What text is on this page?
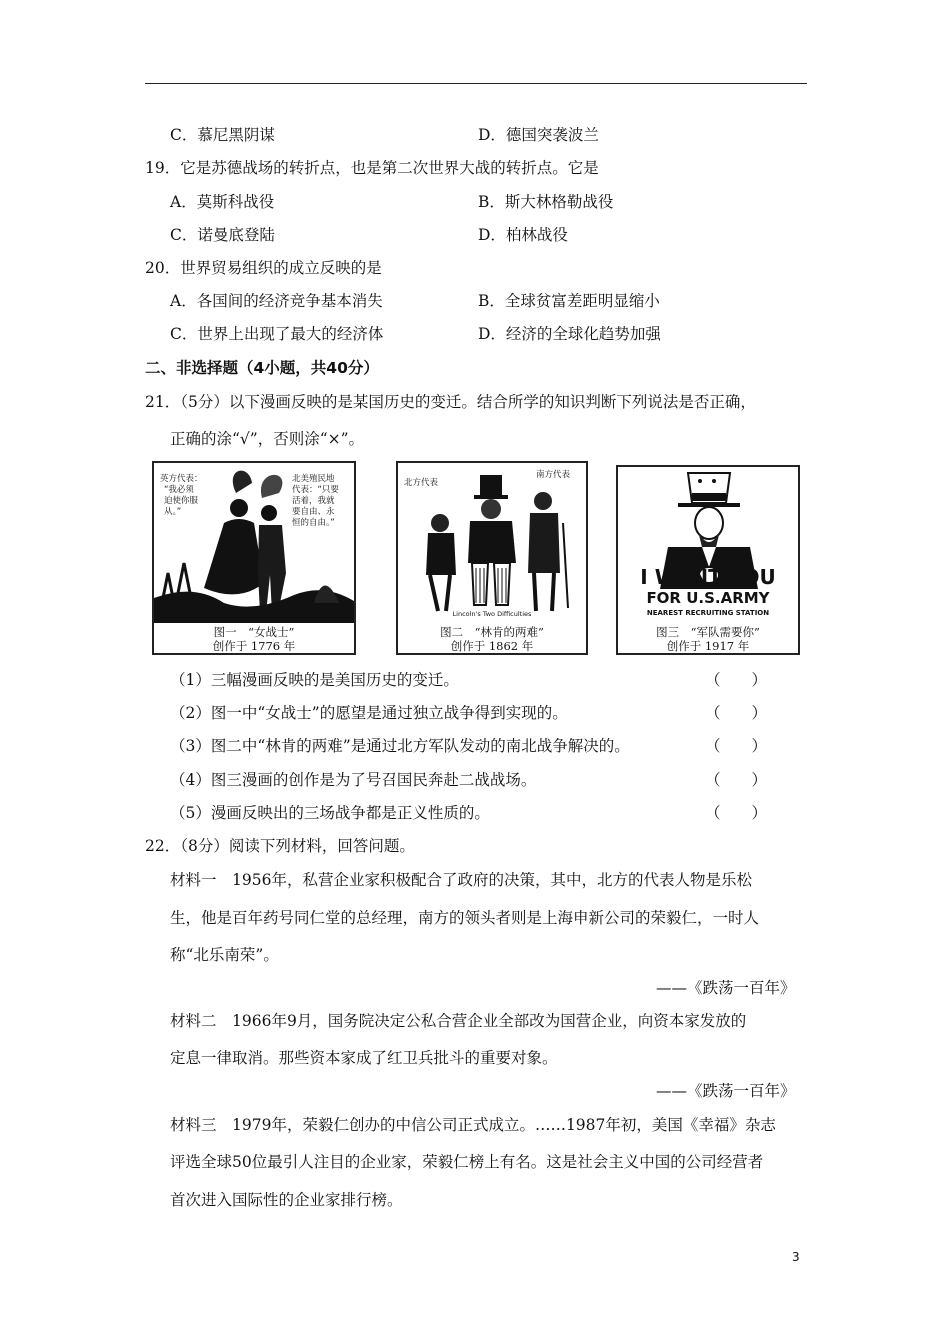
C．慕尼黑阴谋	D．德国突袭波兰
19．它是苏德战场的转折点，也是第二次世界大战的转折点。它是
A．莫斯科战役	B．斯大林格勒战役
C．诺曼底登陆	D．柏林战役
20．世界贸易组织的成立反映的是
A．各国间的经济竞争基本消失	B．全球贫富差距明显缩小
C．世界上出现了最大的经济体	D．经济的全球化趋势加强
二、非选择题（4小题，共40分）
21．（5分）以下漫画反映的是某国历史的变迁。结合所学的知识判断下列说法是否正确，
正确的涂“√”，否则涂“×”。
英方代表：
“我必须
迫使你服
从。”
北美殖民地
代表：“只要
活着，我就
要自由、永
恒的自由。”
图一　“女战士”
创作于 1776 年
北方代表
南方代表
Lincoln's Two Difficulties
图二　“林肯的两难”
创作于 1862 年
I WANT YOU
FOR U.S.ARMY
NEAREST RECRUITING STATION
图三　“军队需要你”
创作于 1917 年
（1）三幅漫画反映的是美国历史的变迁。	（　　）
（2）图一中“女战士”的愿望是通过独立战争得到实现的。	（　　）
（3）图二中“林肯的两难”是通过北方军队发动的南北战争解决的。	（　　）
（4）图三漫画的创作是为了号召国民奔赴二战战场。	（　　）
（5）漫画反映出的三场战争都是正义性质的。	（　　）
22．（8分）阅读下列材料，回答问题。
材料一　1956年，私营企业家积极配合了政府的决策，其中，北方的代表人物是乐松
生，他是百年药号同仁堂的总经理，南方的领头者则是上海申新公司的荣毅仁，一时人
称“北乐南荣”。
——《跌荡一百年》
材料二　1966年9月，国务院决定公私合营企业全部改为国营企业，向资本家发放的
定息一律取消。那些资本家成了红卫兵批斗的重要对象。
——《跌荡一百年》
材料三　1979年，荣毅仁创办的中信公司正式成立。……1987年初，美国《幸福》杂志
评选全球50位最引人注目的企业家，荣毅仁榜上有名。这是社会主义中国的公司经营者
首次进入国际性的企业家排行榜。
3
